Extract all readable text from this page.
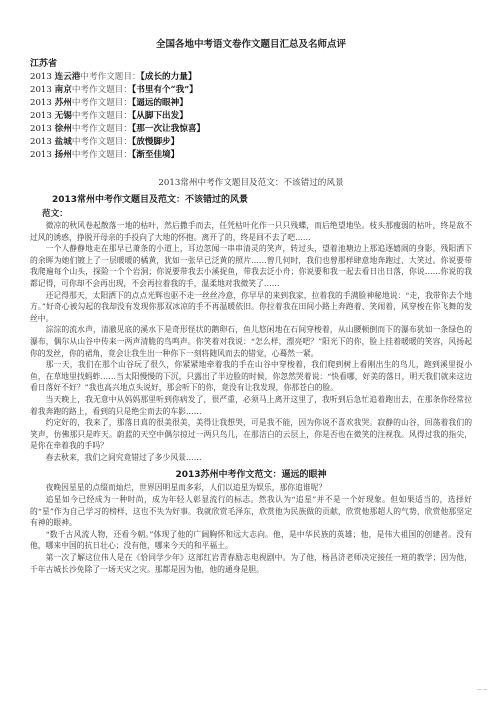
全国各地中考语文卷作文题目汇总及名师点评
江苏省
2013 连云港中考作文题目：【成长的力量】
2013 南京中考作文题目：【书里有个“我”】
2013 苏州中考作文题目：【逼远的眼神】
2013 无锡中考作文题目：【从脚下出发】
2013 徐州中考作文题目：【那一次让我惊喜】
2013 盐城中考作文题目：【放慢脚步】
2013 扬州中考作文题目：【渐至佳境】
2013常州中考作文题目及范文：不该错过的风景
2013常州中考作文题目及范文：不该错过的风景
范文：

微凉的秋风卷起散落一地的枯叶，然后撒手而去，任凭枯叶化作一只只残蝶，而后绝望地坠。枝头那瘦弱的枯叶，终是敌不过风的诱惑，挣脱开母亲的手投向了大地的怀抱。离开了的，终是回不去了吧……

一个人静静地走在那早已萧条的小道上，耳边忽闻一串串清灵的笑声，转过头，望着池塘边上那追逐嬉闹的身影，残阳洒下的余晖为她们镀上了一层暖暖的橘黄，犹如一张早已泛黄的照片……曾几何时，我们也曾那样肆意地奔跑过、大笑过。你说要带我爬遍每个山头，探险一个个岩洞；你说要带我去小溪捉鱼，带我去泛小舟；你说要和我一起去看日出日落，你说……你说的我都记得，可你却不会再出现，不会再拉着我的手，温柔地对我微笑了……

还记得那天，太阳洒下的点点光辉也驱不走一丝丝冷意，你早早的来到我家，拉着我的手满脸神秘地说：“走，我带你去个地方。”好奇心被勾起的我却没有发现你那双冰凉的手不再温暖依旧。你拉着我在田间小路上奔跑着、笑闹着，风穿梭在你飞舞的发丝中。

淙淙的流水声，清澈见底的溪水下是奇形怪状的鹅卵石，鱼儿悠闲地在石间穿梭着，从山腰顿倒而下的瀑布犹如一条绿色的瀑布，偶尔从山谷中传来一两声清脆的鸟鸣声。你笑着对我说：“怎么样，漂亮吧？”阳光下的你，脸上挂着暖暖的笑容，风扬起你的发丝，你的裙角，竟会让我生出一种你下一刻将随风而去的错觉，心蓦然一紧。

那一天，我们在那个山谷玩了很久，你紧紧地牵着我的手在山谷中穿梭着，我们爬到树上看刚出生的鸟儿，跑到溪里捉小鱼，在草地里找蚂蚱……当太阳慢慢的下沉，只露出了半边脸的时候，你忽然哭着说：“快看哪，好美的落日，明天我们就来这边看日落好不好？”我也高兴地点头说好，那会听下的你，竟没有让我发现，你那苍白的脸。

当天晚上，我无意中从妈妈那里听到你病发了，很严重，必须马上离开这里了，我听到后急忙追着跑出去，在那条你经常拉着我奔跑的路上，看到的只是绝尘而去的车影……

约定好的，我来了，那落日真的很美很美，美得让我想哭，可是我不能，因为你说不喜欢我哭。寂静的山谷，回荡着我们的笑声，仿佛那只是昨天。蔚蓝的天空中偶尔掠过一两只鸟儿，在那洁白的云层上，你是否也在微笑的注视我。风得过我的指尖，是你在牵着我的手吗？

春去秋来，我们之间究竟错过了多少风景……

2013苏州中考作文范文：逼远的眼神

夜晚因星星的点缀而灿烂，世界因明星而多彩，人们以追星为娱乐，那你追谁呢？

追星如今已经成为一种时尚，成为年轻人彰显流行的标志。然我认为“追星”并不是一个好现象。但如果适当的，选择好的“星”作为自己学习的榜样，这也不失为好事。我就欣赏毛泽东，欣赏他为民族做的贡献，欣赏他那超人的气势，欣赏他那坚定有神的眼神。

“数千古风流人物，还看今朝。”体现了他的广阔胸怀和远大志向。他，是中华民族的英雄；他，是伟大祖国的创建者。没有他，哪来中国的抗日壮心；没有他，哪来今天的和平福土。

第一次了解这位伟人是在《恰同学少年》这部红岩青春励志电视剧中。为了他，杨昌济老师决定接任一班的教学；因为他，千年古城长沙免除了一场天灾之灾。那都是因为他，他的通身是胆。

~~
